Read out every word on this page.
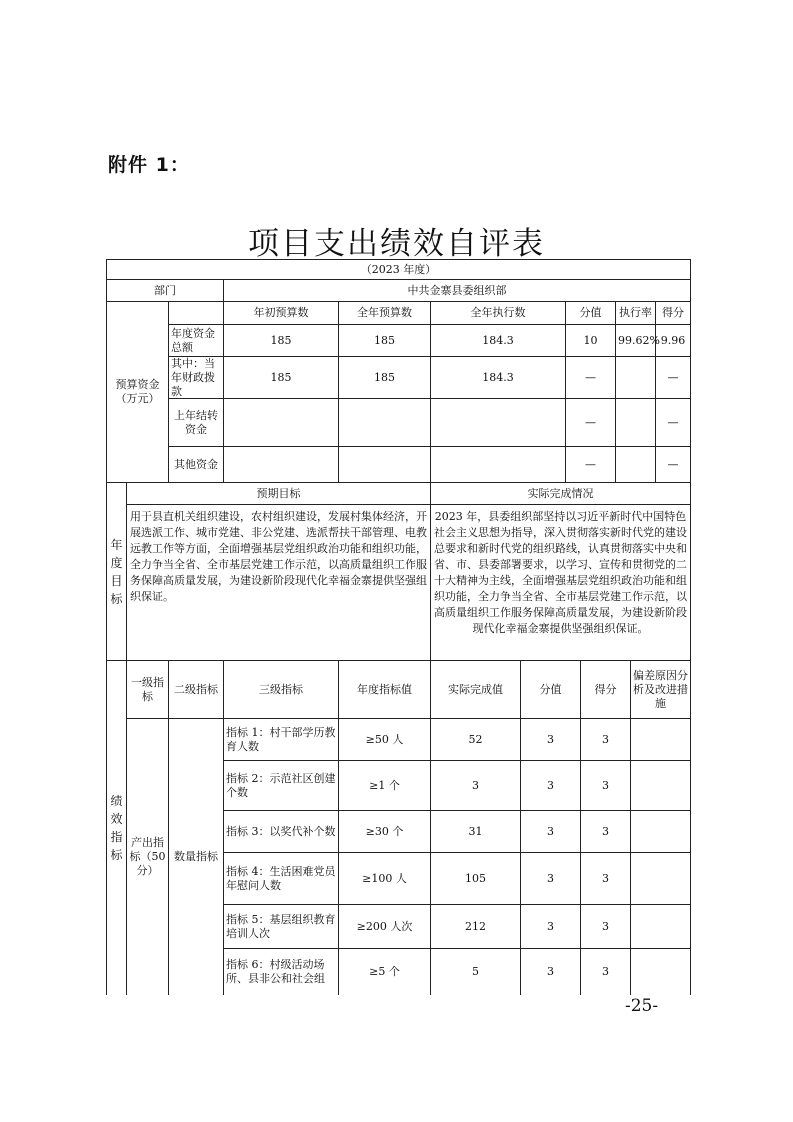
附件 1：
项目支出绩效自评表
（2023 年度）											
部门			中共金寨县委组织部								
预算资金（万元）			年初预算数	全年预算数	全年执行数		分值		执行率		得分
		年度资金总额	185	185	184.3		10		99.62%		9.96
		其中：当年财政拨款	185	185	184.3		—				—
		上年结转资金					—				—
		其他资金					—				—
年度目标	预期目标				实际完成情况						
	用于县直机关组织建设，农村组织建设，发展村集体经济，开展选派工作、城市党建、非公党建、选派帮扶干部管理、电教远教工作等方面，全面增强基层党组织政治功能和组织功能，全力争当全省、全市基层党建工作示范，以高质量组织工作服务保障高质量发展，为建设新阶段现代化幸福金寨提供坚强组织保证。				2023 年，县委组织部坚持以习近平新时代中国特色社会主义思想为指导，深入贯彻落实新时代党的建设总要求和新时代党的组织路线，认真贯彻落实中央和省、市、县委部署要求，以学习、宣传和贯彻党的二十大精神为主线，全面增强基层党组织政治功能和组织功能，全力争当全省、全市基层党建工作示范，以高质量组织工作服务保障高质量发展，为建设新阶段现代化幸福金寨提供坚强组织保证。						
绩效指标	一级指标	二级指标	三级指标	年度指标值	实际完成值	分值		得分		偏差原因分析及改进措施	
	产出指标（50 分）	数量指标	指标 1：村干部学历教育人数	≥50 人	52	3		3			
			指标 2：示范社区创建个数	≥1 个	3	3		3			
			指标 3：以奖代补个数	≥30 个	31	3		3			
			指标 4：生活困难党员年慰问人数	≥100 人	105	3		3			
			指标 5：基层组织教育培训人次	≥200 人次	212	3		3			
			指标 6：村级活动场所、县非公和社会组	≥5 个	5	3		3			
-25-
